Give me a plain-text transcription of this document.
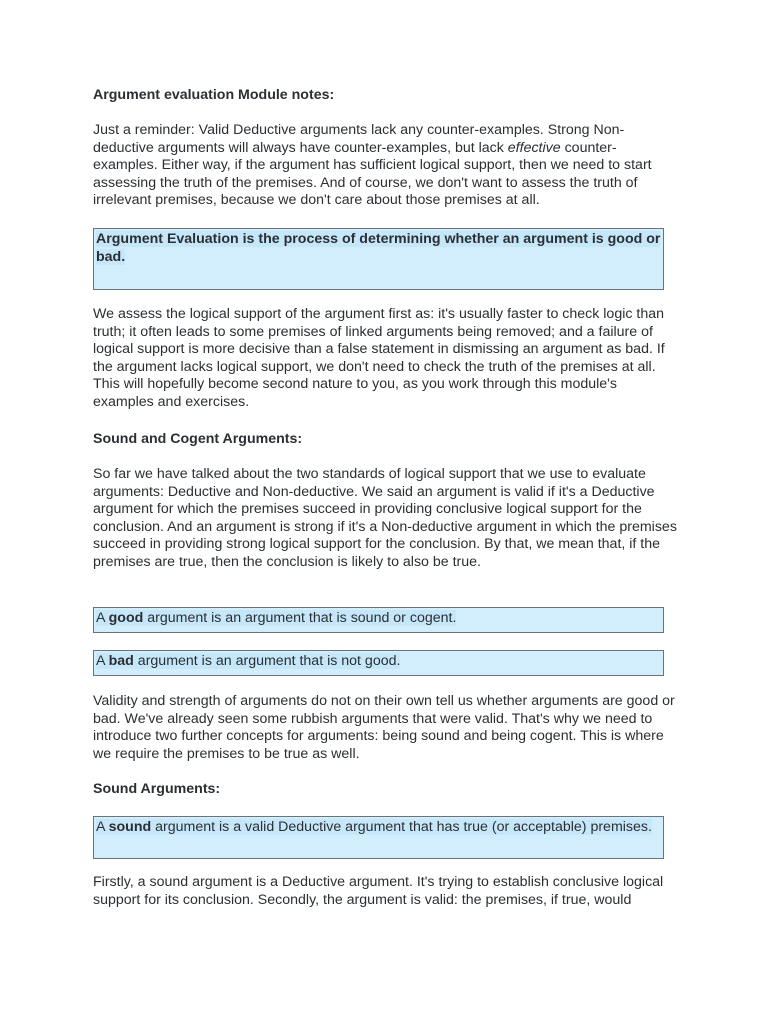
Argument evaluation Module notes:

Just a reminder: Valid Deductive arguments lack any counter-examples. Strong Non-deductive arguments will always have counter-examples, but lack effective counter-examples. Either way, if the argument has sufficient logical support, then we need to start assessing the truth of the premises. And of course, we don't want to assess the truth of irrelevant premises, because we don't care about those premises at all.

Argument Evaluation is the process of determining whether an argument is good or bad.

We assess the logical support of the argument first as: it's usually faster to check logic than truth; it often leads to some premises of linked arguments being removed; and a failure of logical support is more decisive than a false statement in dismissing an argument as bad. If the argument lacks logical support, we don't need to check the truth of the premises at all. This will hopefully become second nature to you, as you work through this module's examples and exercises.

Sound and Cogent Arguments:

So far we have talked about the two standards of logical support that we use to evaluate arguments: Deductive and Non-deductive. We said an argument is valid if it's a Deductive argument for which the premises succeed in providing conclusive logical support for the conclusion. And an argument is strong if it's a Non-deductive argument in which the premises succeed in providing strong logical support for the conclusion. By that, we mean that, if the premises are true, then the conclusion is likely to also be true.

A good argument is an argument that is sound or cogent.
A bad argument is an argument that is not good.

Validity and strength of arguments do not on their own tell us whether arguments are good or bad. We've already seen some rubbish arguments that were valid. That's why we need to introduce two further concepts for arguments: being sound and being cogent. This is where we require the premises to be true as well.

Sound Arguments:

A sound argument is a valid Deductive argument that has true (or acceptable) premises.

Firstly, a sound argument is a Deductive argument. It's trying to establish conclusive logical support for its conclusion. Secondly, the argument is valid: the premises, if true, would
